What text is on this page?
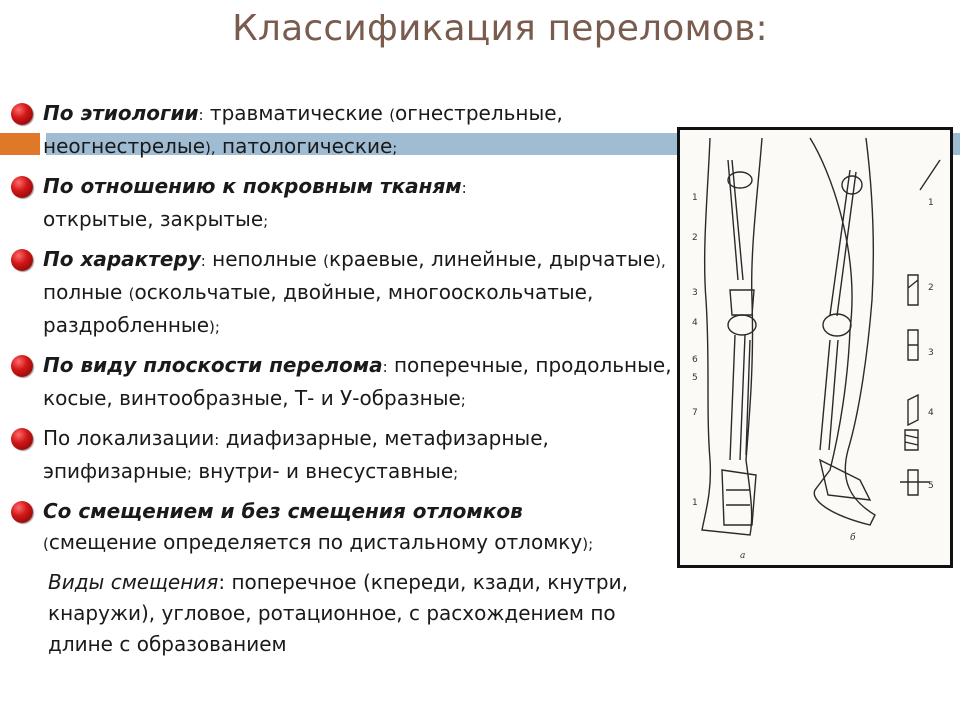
Классификация переломов:
По этиологии: травматические (огнестрельные, неогнестрелые), патологические;
По отношению к покровным тканям:
открытые, закрытые;
По характеру: неполные (краевые, линейные, дырчатые), полные (оскольчатые, двойные, многооскольчатые, раздробленные);
По виду плоскости перелома: поперечные, продольные, косые, винтообразные, Т- и У-образные;
По локализации: диафизарные, метафизарные, эпифизарные; внутри- и внесуставные;
Со смещением и без смещения отломков
(смещение определяется по дистальному отломку);
Виды смещения: поперечное (кпереди, кзади, кнутри, кнаружи), угловое, ротационное, с расхождением по длине с образованием
1
2
3
4
5
6
7
1
1
2
3
4
5
а
б
